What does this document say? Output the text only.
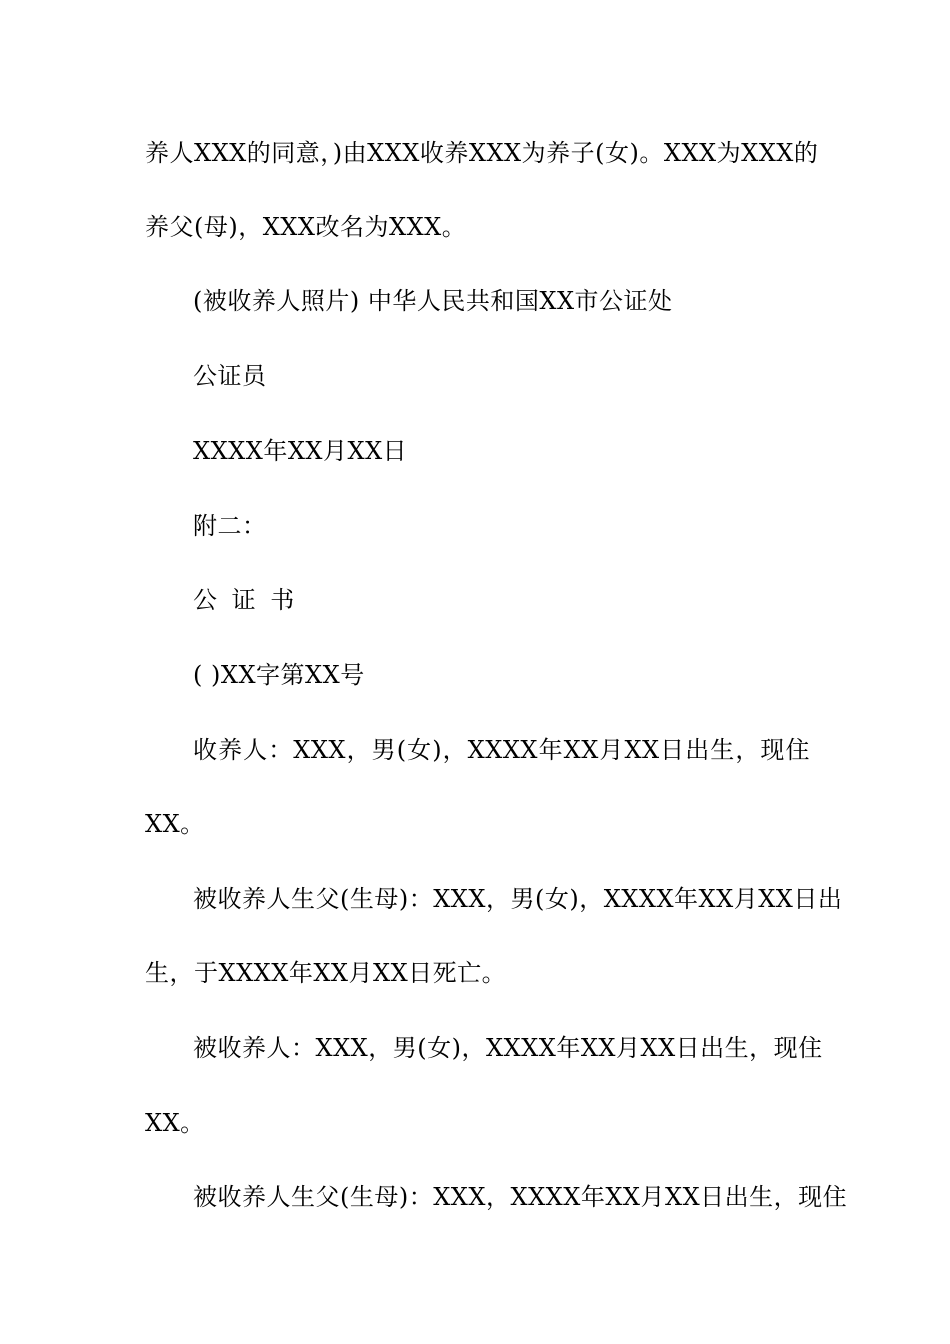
养人XXX的同意，)由XXX收养XXX为养子(女)。XXX为XXX的
养父(母)，XXX改名为XXX。
(被收养人照片) 中华人民共和国XX市公证处
公证员
XXXX年XX月XX日
附二：
公 证 书
( )XX字第XX号
收养人：XXX，男(女)，XXXX年XX月XX日出生，现住
XX。
被收养人生父(生母)：XXX，男(女)，XXXX年XX月XX日出
生，于XXXX年XX月XX日死亡。
被收养人：XXX，男(女)，XXXX年XX月XX日出生，现住
XX。
被收养人生父(生母)：XXX，XXXX年XX月XX日出生，现住
